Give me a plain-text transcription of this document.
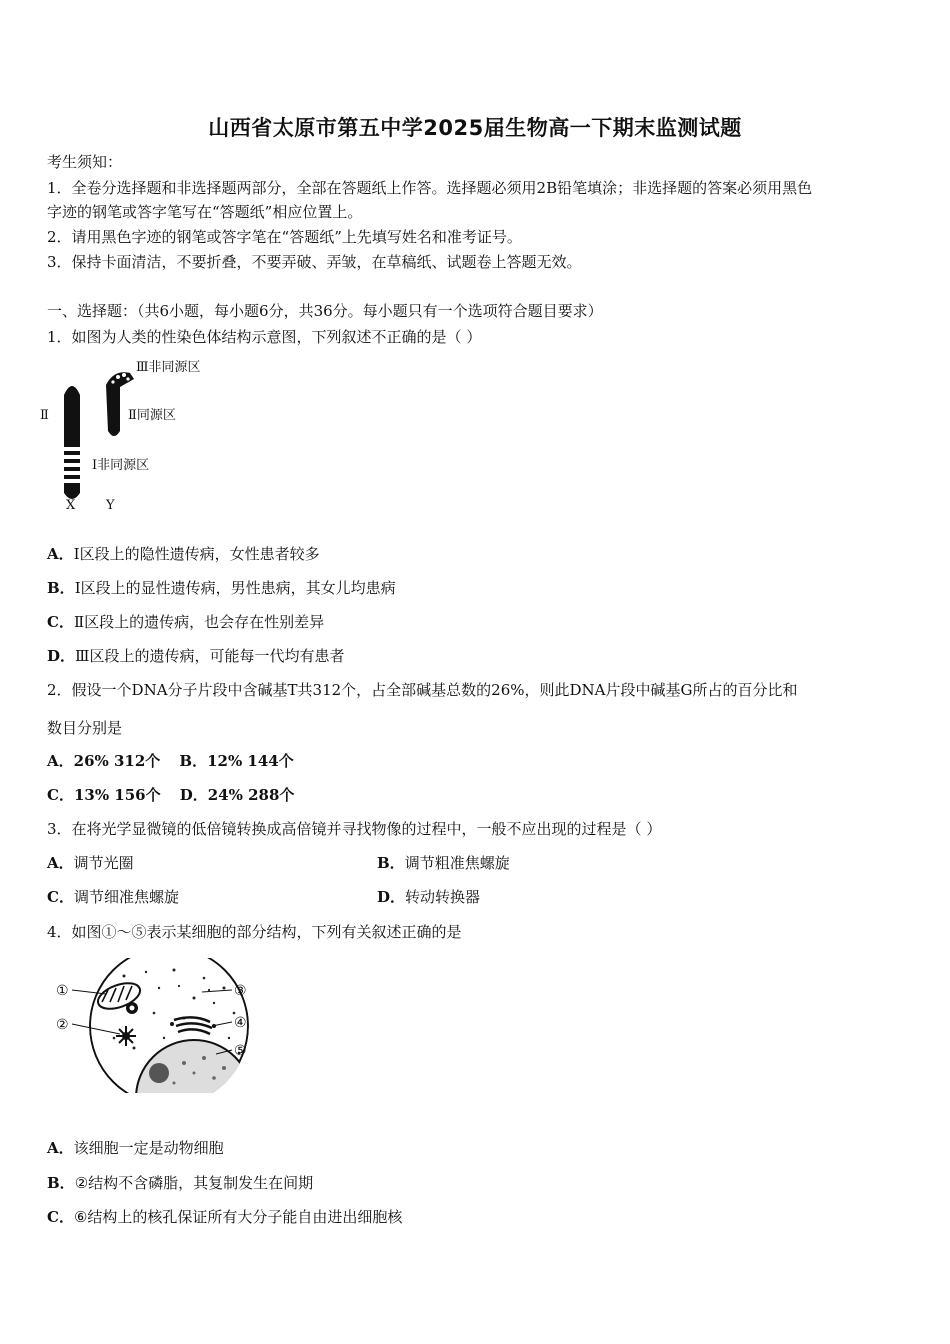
山西省太原市第五中学2025届生物高一下期末监测试题
考生须知：
1．全卷分选择题和非选择题两部分，全部在答题纸上作答。选择题必须用2B铅笔填涂；非选择题的答案必须用黑色
字迹的钢笔或答字笔写在“答题纸”相应位置上。
2．请用黑色字迹的钢笔或答字笔在“答题纸”上先填写姓名和准考证号。
3．保持卡面清洁，不要折叠，不要弄破、弄皱，在草稿纸、试题卷上答题无效。
一、选择题：（共6小题，每小题6分，共36分。每小题只有一个选项符合题目要求）
1．如图为人类的性染色体结构示意图，下列叙述不正确的是（ ）
Ⅲ非同源区
Ⅱ同源区
Ⅰ非同源区
Ⅱ
X Y
A．Ⅰ区段上的隐性遗传病，女性患者较多
B．I区段上的显性遗传病，男性患病，其女儿均患病
C．Ⅱ区段上的遗传病，也会存在性别差异
D．Ⅲ区段上的遗传病，可能每一代均有患者
2．假设一个DNA分子片段中含碱基T共312个，占全部碱基总数的26%，则此DNA片段中碱基G所占的百分比和
数目分别是
A．26% 312个 B．12% 144个
C．13% 156个 D．24% 288个
3．在将光学显微镜的低倍镜转换成高倍镜并寻找物像的过程中，一般不应出现的过程是（ ）
A．调节光圈	B．调节粗准焦螺旋
C．调节细准焦螺旋	D．转动转换器
4．如图①～⑤表示某细胞的部分结构，下列有关叙述正确的是
①
②
③
④
⑤
A．该细胞一定是动物细胞
B．②结构不含磷脂，其复制发生在间期
C．⑥结构上的核孔保证所有大分子能自由进出细胞核
